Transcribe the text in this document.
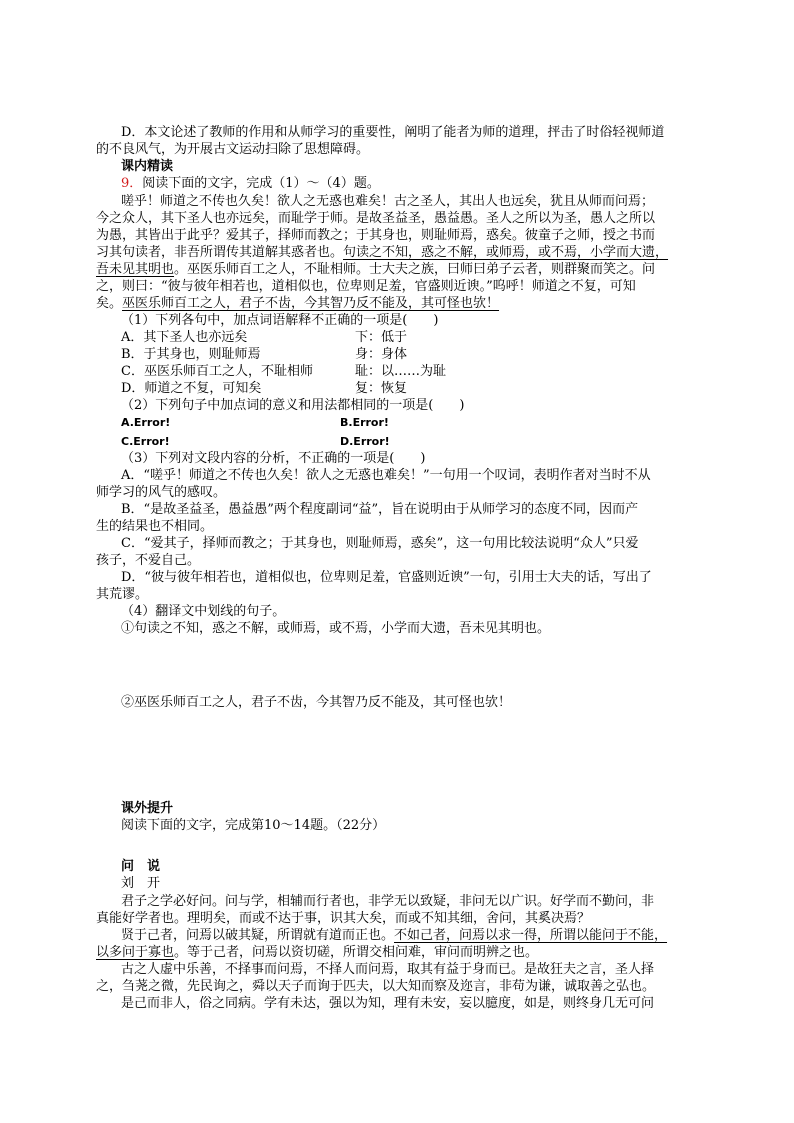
D．本文论述了教师的作用和从师学习的重要性，阐明了能者为师的道理，抨击了时俗轻视师道
的不良风气，为开展古文运动扫除了思想障碍。
课内精读
9．阅读下面的文字，完成（1）～（4）题。
嗟乎！师道之不传也久矣！欲人之无惑也难矣！古之圣人，其出人也远矣，犹且从师而问焉；
今之众人，其下圣人也亦远矣，而耻学于师。是故圣益圣，愚益愚。圣人之所以为圣，愚人之所以
为愚，其皆出于此乎？爱其子，择师而教之；于其身也，则耻师焉，惑矣。彼童子之师，授之书而
习其句读者，非吾所谓传其道解其惑者也。句读之不知，惑之不解，或师焉，或不焉，小学而大遗，
吾未见其明也。巫医乐师百工之人，不耻相师。士大夫之族，曰师曰弟子云者，则群聚而笑之。问
之，则曰：“彼与彼年相若也，道相似也，位卑则足羞，官盛则近谀。”呜呼！师道之不复，可知
矣。巫医乐师百工之人，君子不齿，今其智乃反不能及，其可怪也欤！
（1）下列各句中，加点词语解释不正确的一项是(　　)
A．其下圣人也亦远矣	下：低于
B．于其身也，则耻师焉	身：身体
C．巫医乐师百工之人，不耻相师	耻：以……为耻
D．师道之不复，可知矣	复：恢复
（2）下列句子中加点词的意义和用法都相同的一项是(　　)
A.Error!	B.Error!
C.Error!	D.Error!
（3）下列对文段内容的分析，不正确的一项是(　　)
A．“嗟乎！师道之不传也久矣！欲人之无惑也难矣！”一句用一个叹词，表明作者对当时不从
师学习的风气的感叹。
B．“是故圣益圣，愚益愚”两个程度副词“益”，旨在说明由于从师学习的态度不同，因而产
生的结果也不相同。
C．“爱其子，择师而教之；于其身也，则耻师焉，惑矣”，这一句用比较法说明“众人”只爱
孩子，不爱自己。
D．“彼与彼年相若也，道相似也，位卑则足羞，官盛则近谀”一句，引用士大夫的话，写出了
其荒谬。
（4）翻译文中划线的句子。
①句读之不知，惑之不解，或师焉，或不焉，小学而大遗，吾未见其明也。
②巫医乐师百工之人，君子不齿，今其智乃反不能及，其可怪也欤！
课外提升
阅读下面的文字，完成第10～14题。（22分）
问　说
刘　开
君子之学必好问。问与学，相辅而行者也，非学无以致疑，非问无以广识。好学而不勤问，非
真能好学者也。理明矣，而或不达于事，识其大矣，而或不知其细，舍问，其奚决焉？
贤于己者，问焉以破其疑，所谓就有道而正也。不如己者，问焉以求一得，所谓以能问于不能，
以多问于寡也。等于己者，问焉以资切磋，所谓交相问难，审问而明辨之也。
古之人虚中乐善，不择事而问焉，不择人而问焉，取其有益于身而已。是故狂夫之言，圣人择
之，刍荛之微，先民询之，舜以天子而询于匹夫，以大知而察及迩言，非苟为谦，诚取善之弘也。
是己而非人，俗之同病。学有未达，强以为知，理有未安，妄以臆度，如是，则终身几无可问
